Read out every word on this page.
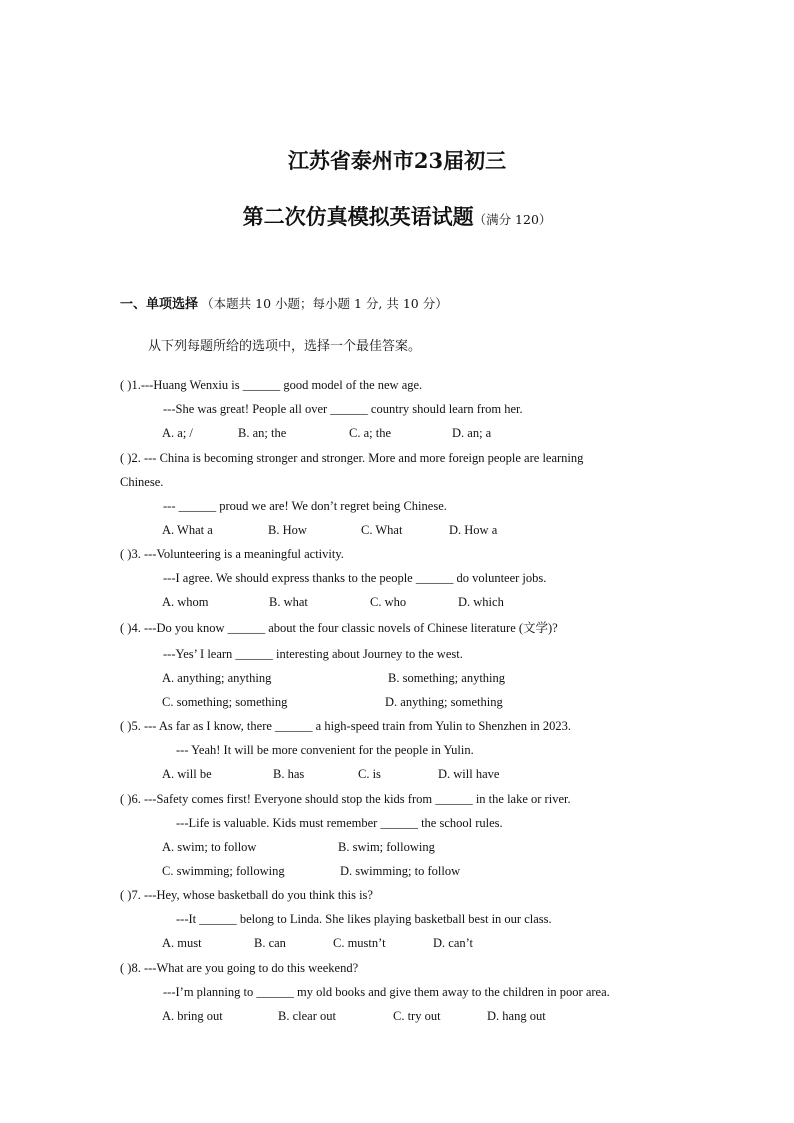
江苏省泰州市23届初三
第二次仿真模拟英语试题（满分 120）
一、单项选择 （本题共 10 小题；每小题 1 分, 共 10 分）
从下列每题所给的选项中，选择一个最佳答案。
( )1.---Huang Wenxiu is ______ good model of the new age.
---She was great! People all over ______ country should learn from her.
A. a; /	B. an; the	C. a; the	D. an; a
( )2. --- China is becoming stronger and stronger. More and more foreign people are learning
Chinese.
--- ______ proud we are! We don’t regret being Chinese.
A. What a	B. How	C. What	D. How a
( )3. ---Volunteering is a meaningful activity.
---I agree. We should express thanks to the people ______ do volunteer jobs.
A. whom	B. what	C. who	D. which
( )4. ---Do you know ______ about the four classic novels of Chinese literature (文学)?
---Yes’ I learn ______ interesting about Journey to the west.
A. anything; anything	B. something; anything
C. something; something	D. anything; something
( )5. --- As far as I know, there ______ a high-speed train from Yulin to Shenzhen in 2023.
--- Yeah! It will be more convenient for the people in Yulin.
A. will be	B. has	C. is	D. will have
( )6. ---Safety comes first! Everyone should stop the kids from ______ in the lake or river.
---Life is valuable. Kids must remember ______ the school rules.
A. swim; to follow	B. swim; following
C. swimming; following	D. swimming; to follow
( )7. ---Hey, whose basketball do you think this is?
---It ______ belong to Linda. She likes playing basketball best in our class.
A. must	B. can	C. mustn’t	D. can’t
( )8. ---What are you going to do this weekend?
---I’m planning to ______ my old books and give them away to the children in poor area.
A. bring out	B. clear out	C. try out	D. hang out
